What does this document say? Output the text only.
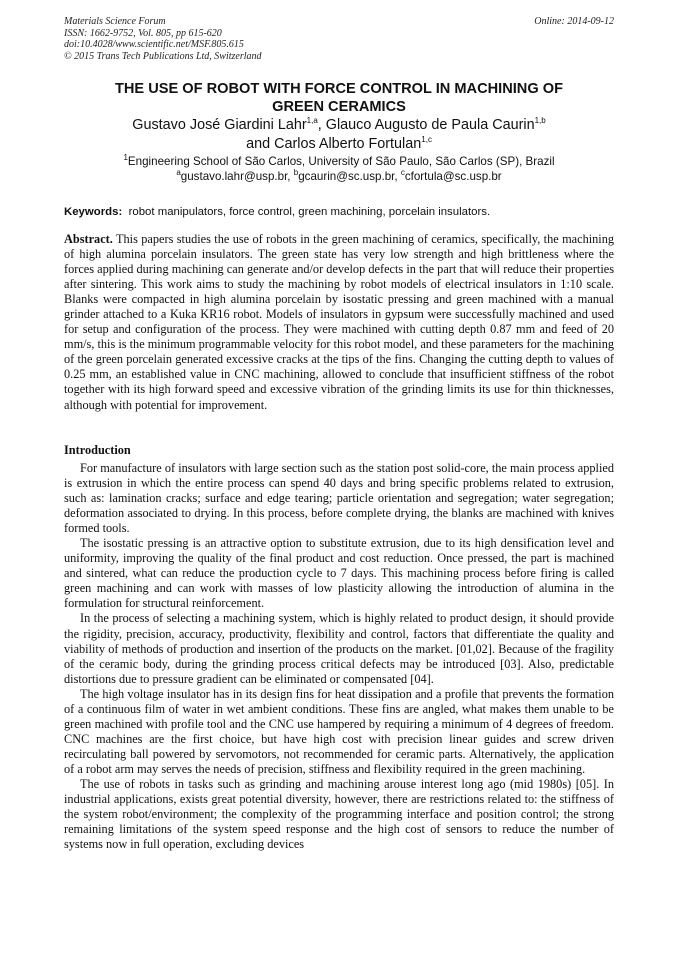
Materials Science Forum
ISSN: 1662-9752, Vol. 805, pp 615-620
doi:10.4028/www.scientific.net/MSF.805.615
© 2015 Trans Tech Publications Ltd, Switzerland
Online: 2014-09-12
THE USE OF ROBOT WITH FORCE CONTROL IN MACHINING OF
GREEN CERAMICS
Gustavo José Giardini Lahr$^{1,a}$, Glauco Augusto de Paula Caurin$^{1,b}$
and Carlos Alberto Fortulan$^{1,c}$
$^1$Engineering School of São Carlos, University of São Paulo, São Carlos (SP), Brazil
$^a$gustavo.lahr@usp.br, $^b$gcaurin@sc.usp.br, $^c$cfortula@sc.usp.br
Keywords: robot manipulators, force control, green machining, porcelain insulators.
Abstract. This papers studies the use of robots in the green machining of ceramics, specifically, the machining of high alumina porcelain insulators. The green state has very low strength and high brittleness where the forces applied during machining can generate and/or develop defects in the part that will reduce their properties after sintering. This work aims to study the machining by robot models of electrical insulators in 1:10 scale. Blanks were compacted in high alumina porcelain by isostatic pressing and green machined with a manual grinder attached to a Kuka KR16 robot. Models of insulators in gypsum were successfully machined and used for setup and configuration of the process. They were machined with cutting depth 0.87 mm and feed of 20 mm/s, this is the minimum programmable velocity for this robot model, and these parameters for the machining of the green porcelain generated excessive cracks at the tips of the fins. Changing the cutting depth to values of 0.25 mm, an established value in CNC machining, allowed to conclude that insufficient stiffness of the robot together with its high forward speed and excessive vibration of the grinding limits its use for thin thicknesses, although with potential for improvement.
Introduction

For manufacture of insulators with large section such as the station post solid-core, the main process applied is extrusion in which the entire process can spend 40 days and bring specific problems related to extrusion, such as: lamination cracks; surface and edge tearing; particle orientation and segregation; water segregation; deformation associated to drying. In this process, before complete drying, the blanks are machined with knives formed tools.

The isostatic pressing is an attractive option to substitute extrusion, due to its high densification level and uniformity, improving the quality of the final product and cost reduction. Once pressed, the part is machined and sintered, what can reduce the production cycle to 7 days. This machining process before firing is called green machining and can work with masses of low plasticity allowing the introduction of alumina in the formulation for structural reinforcement.

In the process of selecting a machining system, which is highly related to product design, it should provide the rigidity, precision, accuracy, productivity, flexibility and control, factors that differentiate the quality and viability of methods of production and insertion of the products on the market. [01,02]. Because of the fragility of the ceramic body, during the grinding process critical defects may be introduced [03]. Also, predictable distortions due to pressure gradient can be eliminated or compensated [04].

The high voltage insulator has in its design fins for heat dissipation and a profile that prevents the formation of a continuous film of water in wet ambient conditions. These fins are angled, what makes them unable to be green machined with profile tool and the CNC use hampered by requiring a minimum of 4 degrees of freedom. CNC machines are the first choice, but have high cost with precision linear guides and screw driven recirculating ball powered by servomotors, not recommended for ceramic parts. Alternatively, the application of a robot arm may serves the needs of precision, stiffness and flexibility required in the green machining.

The use of robots in tasks such as grinding and machining arouse interest long ago (mid 1980s) [05]. In industrial applications, exists great potential diversity, however, there are restrictions related to: the stiffness of the system robot/environment; the complexity of the programming interface and position control; the strong remaining limitations of the system speed response and the high cost of sensors to reduce the number of systems now in full operation, excluding devices
